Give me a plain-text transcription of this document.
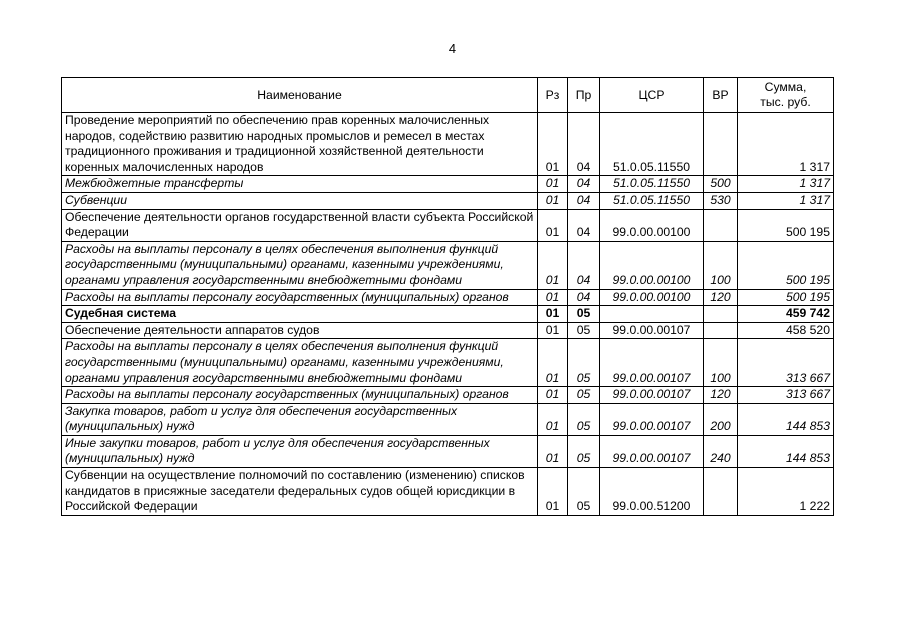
4
Наименование	Рз	Пр	ЦСР	ВР	Сумма,
тыс. руб.
Проведение мероприятий по обеспечению прав коренных малочисленных народов, содействию развитию народных промыслов и ремесел в местах традиционного проживания и традиционной хозяйственной деятельности коренных малочисленных народов	01	04	51.0.05.11550		1 317
Межбюджетные трансферты	01	04	51.0.05.11550	500	1 317
Субвенции	01	04	51.0.05.11550	530	1 317
Обеспечение деятельности органов государственной власти субъекта Российской Федерации	01	04	99.0.00.00100		500 195
Расходы на выплаты персоналу в целях обеспечения выполнения функций государственными (муниципальными) органами, казенными учреждениями, органами управления государственными внебюджетными фондами	01	04	99.0.00.00100	100	500 195
Расходы на выплаты персоналу государственных (муниципальных) органов	01	04	99.0.00.00100	120	500 195
Судебная система	01	05			459 742
Обеспечение деятельности аппаратов судов	01	05	99.0.00.00107		458 520
Расходы на выплаты персоналу в целях обеспечения выполнения функций государственными (муниципальными) органами, казенными учреждениями, органами управления государственными внебюджетными фондами	01	05	99.0.00.00107	100	313 667
Расходы на выплаты персоналу государственных (муниципальных) органов	01	05	99.0.00.00107	120	313 667
Закупка товаров, работ и услуг для обеспечения государственных (муниципальных) нужд	01	05	99.0.00.00107	200	144 853
Иные закупки товаров, работ и услуг для обеспечения государственных (муниципальных) нужд	01	05	99.0.00.00107	240	144 853
Субвенции на осуществление полномочий по составлению (изменению) списков кандидатов в присяжные заседатели федеральных судов общей юрисдикции в Российской Федерации	01	05	99.0.00.51200		1 222
